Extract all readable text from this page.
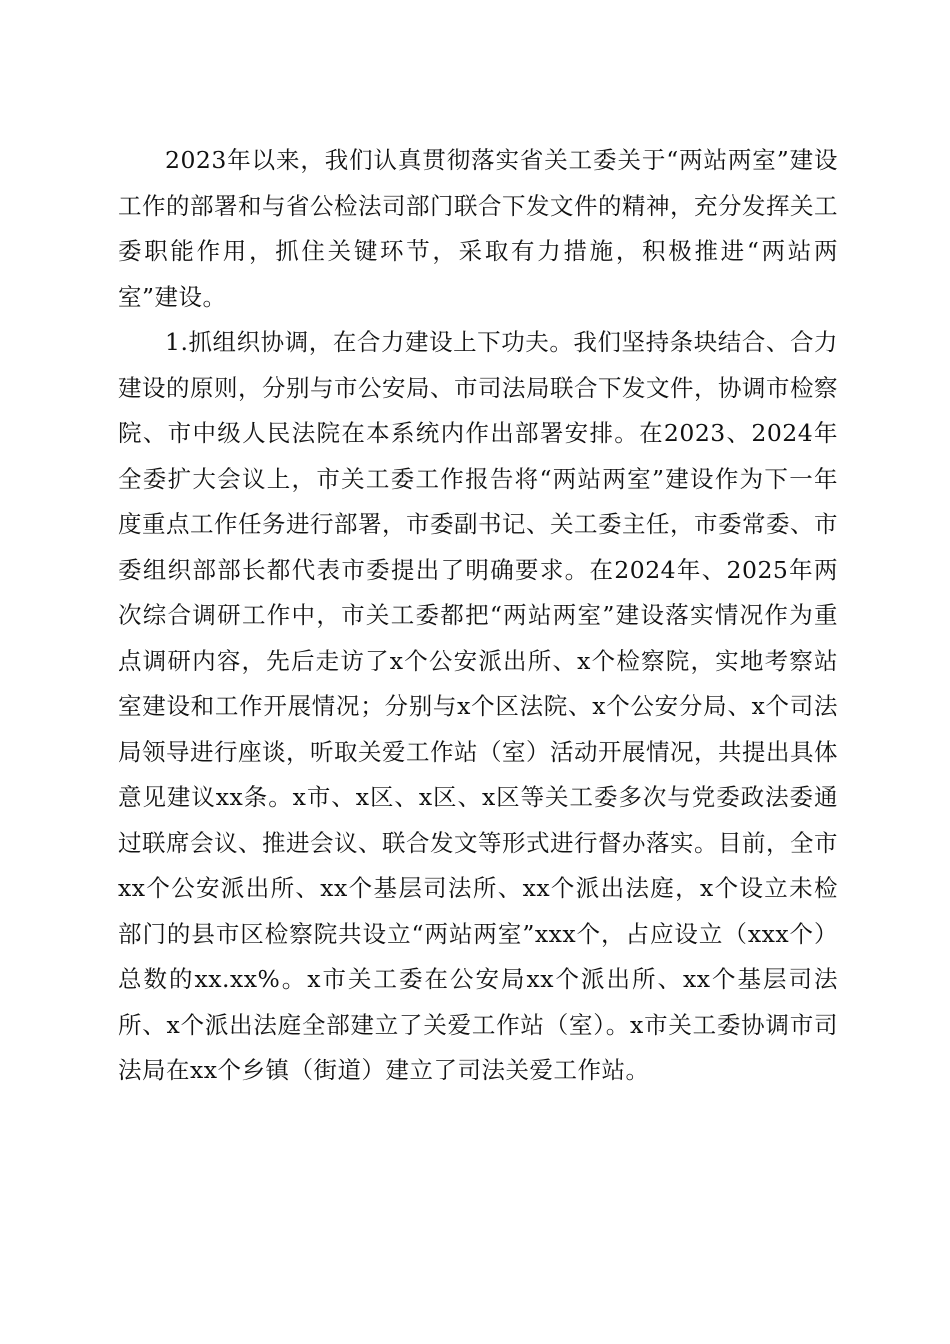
2023年以来，我们认真贯彻落实省关工委关于“两站两室”建设工作的部署和与省公检法司部门联合下发文件的精神，充分发挥关工委职能作用，抓住关键环节，采取有力措施，积极推进“两站两室”建设。

1.抓组织协调，在合力建设上下功夫。我们坚持条块结合、合力建设的原则，分别与市公安局、市司法局联合下发文件，协调市检察院、市中级人民法院在本系统内作出部署安排。在2023、2024年全委扩大会议上，市关工委工作报告将“两站两室”建设作为下一年度重点工作任务进行部署，市委副书记、关工委主任，市委常委、市委组织部部长都代表市委提出了明确要求。在2024年、2025年两次综合调研工作中，市关工委都把“两站两室”建设落实情况作为重点调研内容，先后走访了x个公安派出所、x个检察院，实地考察站室建设和工作开展情况；分别与x个区法院、x个公安分局、x个司法局领导进行座谈，听取关爱工作站（室）活动开展情况，共提出具体意见建议xx条。x市、x区、x区、x区等关工委多次与党委政法委通过联席会议、推进会议、联合发文等形式进行督办落实。目前，全市xx个公安派出所、xx个基层司法所、xx个派出法庭，x个设立未检部门的县市区检察院共设立“两站两室”xxx个，占应设立（xxx个）总数的xx.xx%。x市关工委在公安局xx个派出所、xx个基层司法所、x个派出法庭全部建立了关爱工作站（室）。x市关工委协调市司法局在xx个乡镇（街道）建立了司法关爱工作站。
